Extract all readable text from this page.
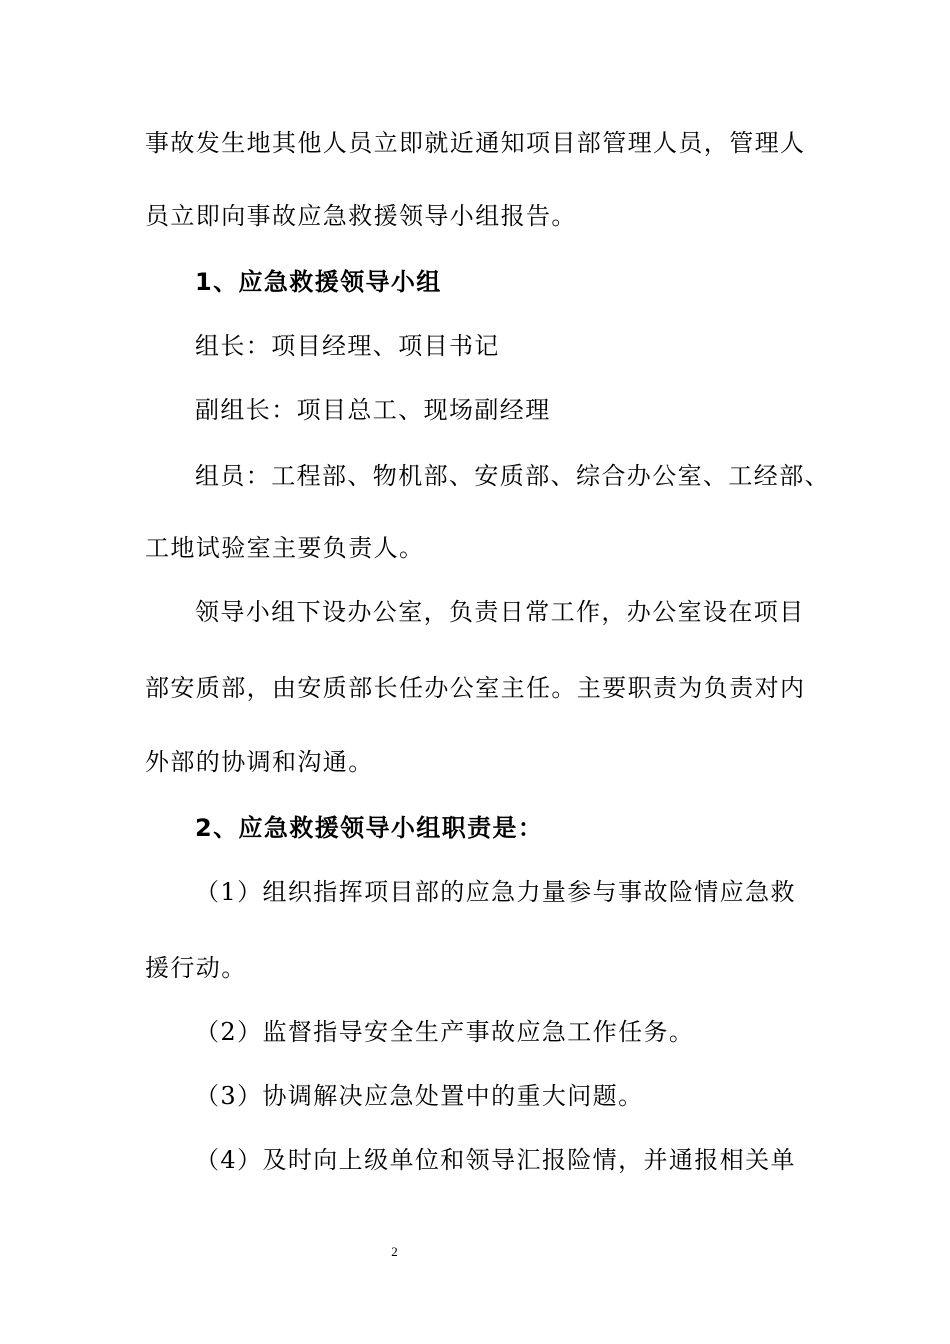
事故发生地其他人员立即就近通知项目部管理人员，管理人
员立即向事故应急救援领导小组报告。
1、应急救援领导小组
组长：项目经理、项目书记
副组长：项目总工、现场副经理
组员：工程部、物机部、安质部、综合办公室、工经部、
工地试验室主要负责人。
领导小组下设办公室，负责日常工作，办公室设在项目
部安质部，由安质部长任办公室主任。主要职责为负责对内
外部的协调和沟通。
2、应急救援领导小组职责是：
（1）组织指挥项目部的应急力量参与事故险情应急救
援行动。
（2）监督指导安全生产事故应急工作任务。
（3）协调解决应急处置中的重大问题。
（4）及时向上级单位和领导汇报险情，并通报相关单
2
